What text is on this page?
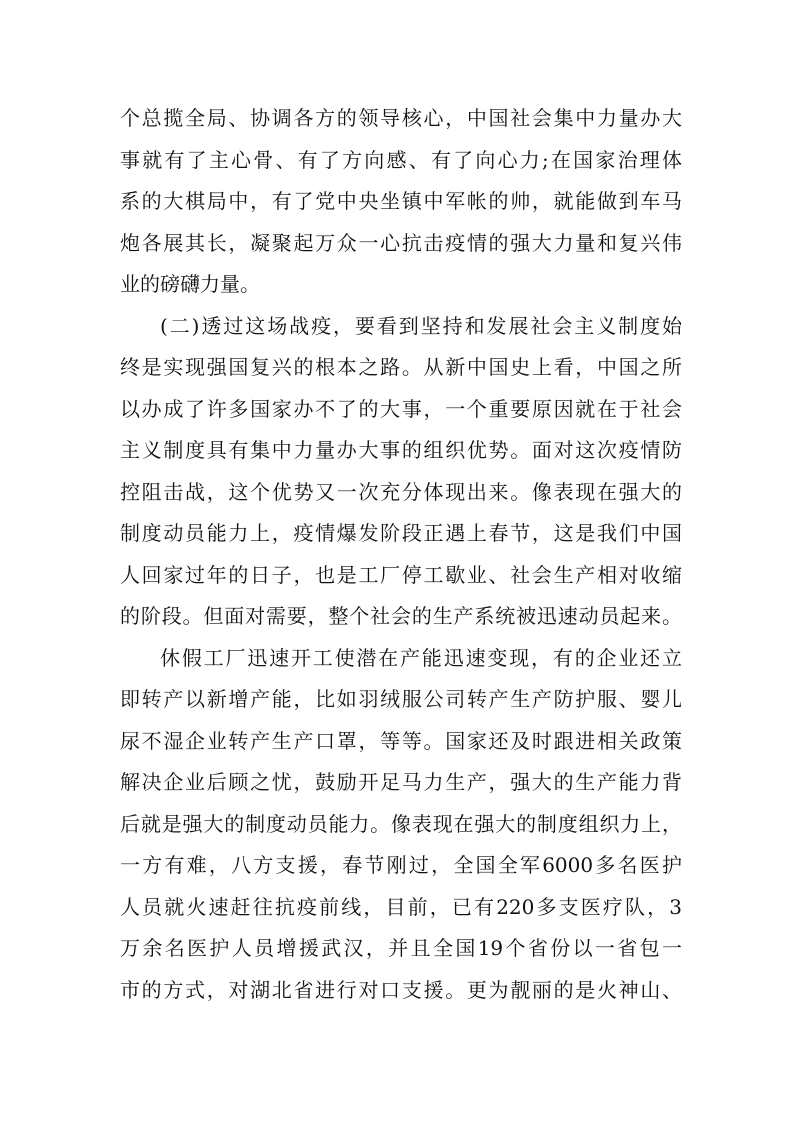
个总揽全局、协调各方的领导核心，中国社会集中力量办大
事就有了主心骨、有了方向感、有了向心力;在国家治理体
系的大棋局中，有了党中央坐镇中军帐的帅，就能做到车马
炮各展其长，凝聚起万众一心抗击疫情的强大力量和复兴伟
业的磅礴力量。
(二)透过这场战疫，要看到坚持和发展社会主义制度始
终是实现强国复兴的根本之路。从新中国史上看，中国之所
以办成了许多国家办不了的大事，一个重要原因就在于社会
主义制度具有集中力量办大事的组织优势。面对这次疫情防
控阻击战，这个优势又一次充分体现出来。像表现在强大的
制度动员能力上，疫情爆发阶段正遇上春节，这是我们中国
人回家过年的日子，也是工厂停工歇业、社会生产相对收缩
的阶段。但面对需要，整个社会的生产系统被迅速动员起来。
休假工厂迅速开工使潜在产能迅速变现，有的企业还立
即转产以新增产能，比如羽绒服公司转产生产防护服、婴儿
尿不湿企业转产生产口罩，等等。国家还及时跟进相关政策
解决企业后顾之忧，鼓励开足马力生产，强大的生产能力背
后就是强大的制度动员能力。像表现在强大的制度组织力上，
一方有难，八方支援，春节刚过，全国全军6000多名医护
人员就火速赶往抗疫前线，目前，已有220多支医疗队，3
万余名医护人员增援武汉，并且全国19个省份以一省包一
市的方式，对湖北省进行对口支援。更为靓丽的是火神山、
